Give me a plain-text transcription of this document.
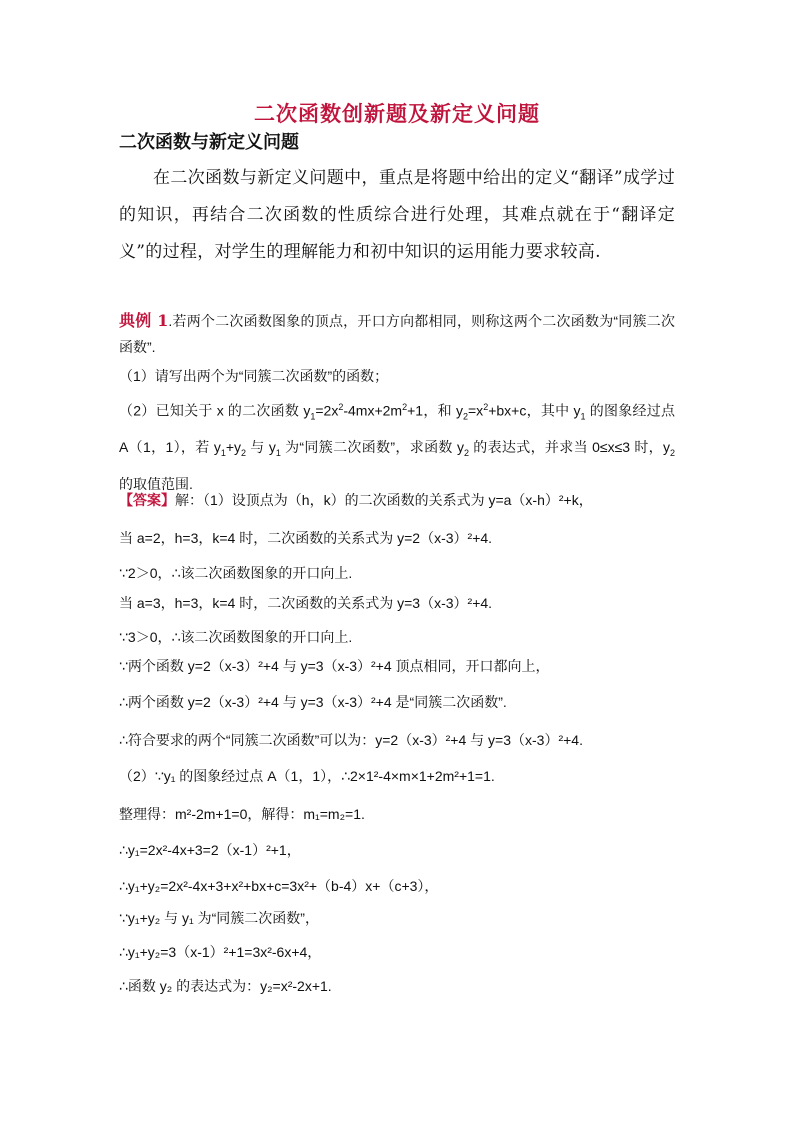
二次函数创新题及新定义问题
二次函数与新定义问题
在二次函数与新定义问题中，重点是将题中给出的定义“翻译”成学过的知识，再结合二次函数的性质综合进行处理，其难点就在于“翻译定义”的过程，对学生的理解能力和初中知识的运用能力要求较高.
典例 1.若两个二次函数图象的顶点，开口方向都相同，则称这两个二次函数为“同簇二次函数”.
（1）请写出两个为“同簇二次函数”的函数；
（2）已知关于 x 的二次函数 $y_1=2x^2-4mx+2m^2+1$，和 $y_2=x^2+bx+c$，其中 $y_1$ 的图象经过点 A（1，1），若 $y_1+y_2$ 与 $y_1$ 为“同簇二次函数”，求函数 $y_2$ 的表达式，并求当 0≤x≤3 时，$y_2$ 的取值范围.
【答案】解：（1）设顶点为（h，k）的二次函数的关系式为 y=a（x-h）²+k，
当 a=2，h=3，k=4 时，二次函数的关系式为 y=2（x-3）²+4.
∵2＞0，∴该二次函数图象的开口向上.
当 a=3，h=3，k=4 时，二次函数的关系式为 y=3（x-3）²+4.
∵3＞0，∴该二次函数图象的开口向上.
∵两个函数 y=2（x-3）²+4 与 y=3（x-3）²+4 顶点相同，开口都向上，
∴两个函数 y=2（x-3）²+4 与 y=3（x-3）²+4 是“同簇二次函数”.
∴符合要求的两个“同簇二次函数”可以为：y=2（x-3）²+4 与 y=3（x-3）²+4.
（2）∵y₁ 的图象经过点 A（1，1），∴2×1²-4×m×1+2m²+1=1.
整理得：m²-2m+1=0，解得：m₁=m₂=1.
∴y₁=2x²-4x+3=2（x-1）²+1，
∴y₁+y₂=2x²-4x+3+x²+bx+c=3x²+（b-4）x+（c+3），
∵y₁+y₂ 与 y₁ 为“同簇二次函数”，
∴y₁+y₂=3（x-1）²+1=3x²-6x+4，
∴函数 y₂ 的表达式为：y₂=x²-2x+1.
